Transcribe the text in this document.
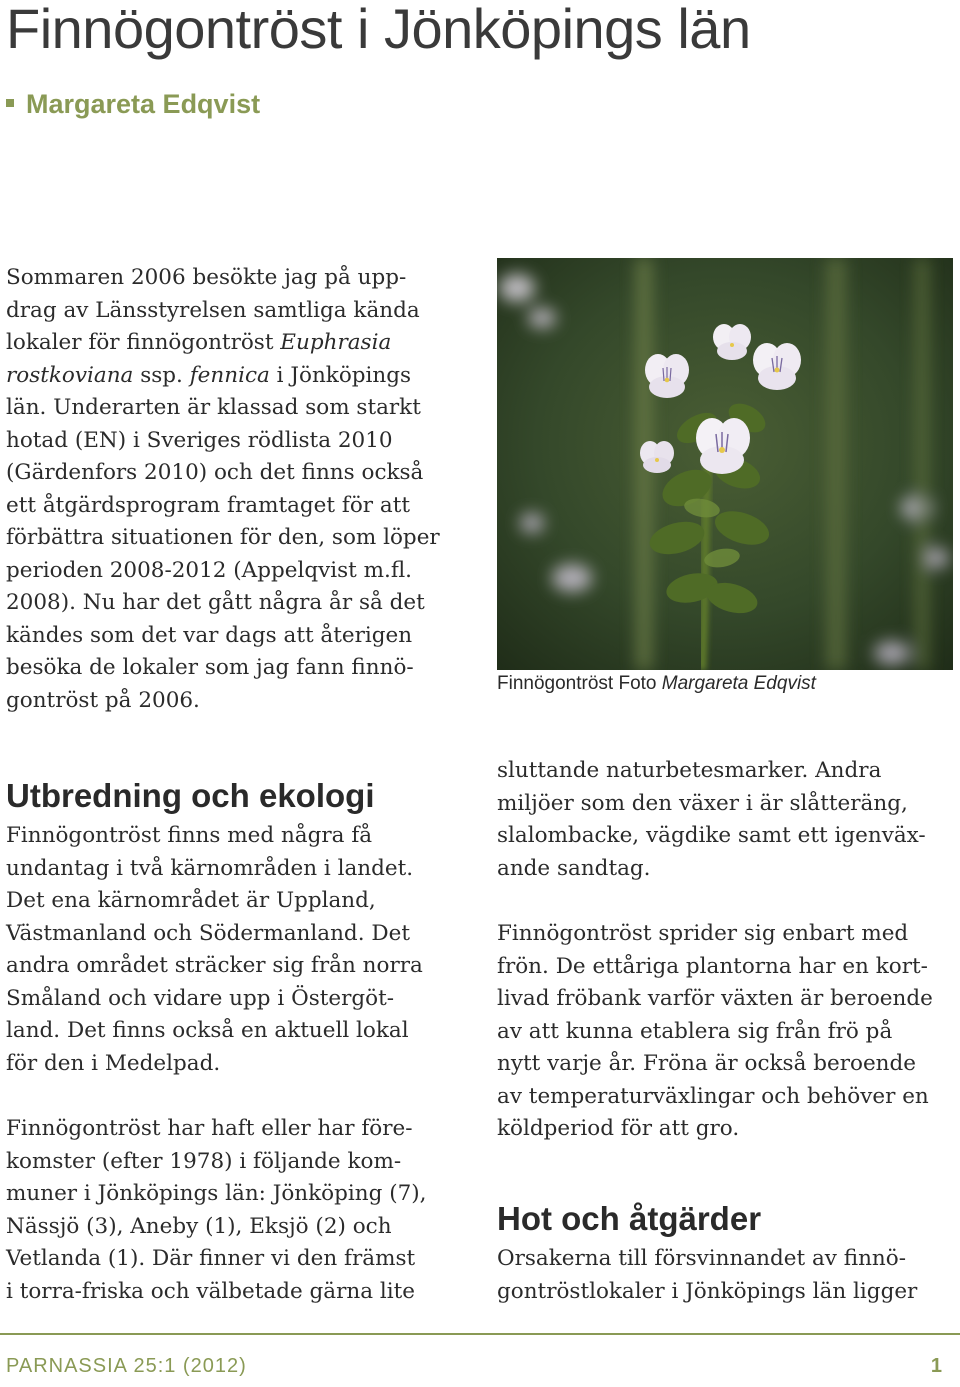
Finnögontröst i Jönköpings län
Margareta Edqvist

Sommaren 2006 besökte jag på upp-
drag av Länsstyrelsen samtliga kända
lokaler för finnögontröst Euphrasia
rostkoviana ssp. fennica i Jönköpings
län. Underarten är klassad som starkt
hotad (EN) i Sveriges rödlista 2010
(Gärdenfors 2010) och det finns också
ett åtgärdsprogram framtaget för att
förbättra situationen för den, som löper
perioden 2008-2012 (Appelqvist m.fl.
2008). Nu har det gått några år så det
kändes som det var dags att återigen
besöka de lokaler som jag fann finnö-
gontröst på 2006.

Utbredning och ekologi

Finnögontröst finns med några få
undantag i två kärnområden i landet.
Det ena kärnområdet är Uppland,
Västmanland och Södermanland. Det
andra området sträcker sig från norra
Småland och vidare upp i Östergöt-
land. Det finns också en aktuell lokal
för den i Medelpad.

Finnögontröst har haft eller har före-
komster (efter 1978) i följande kom-
muner i Jönköpings län: Jönköping (7),
Nässjö (3), Aneby (1), Eksjö (2) och
Vetlanda (1). Där finner vi den främst
i torra-friska och välbetade gärna lite

Finnögontröst Foto Margareta Edqvist

sluttande naturbetesmarker. Andra
miljöer som den växer i är slåtteräng,
slalombacke, vägdike samt ett igenväx-
ande sandtag.

Finnögontröst sprider sig enbart med
frön. De ettåriga plantorna har en kort-
livad fröbank varför växten är beroende
av att kunna etablera sig från frö på
nytt varje år. Fröna är också beroende
av temperaturväxlingar och behöver en
köldperiod för att gro.

Hot och åtgärder

Orsakerna till försvinnandet av finnö-
gontröstlokaler i Jönköpings län ligger

PARNASSIA 25:1 (2012)	1
